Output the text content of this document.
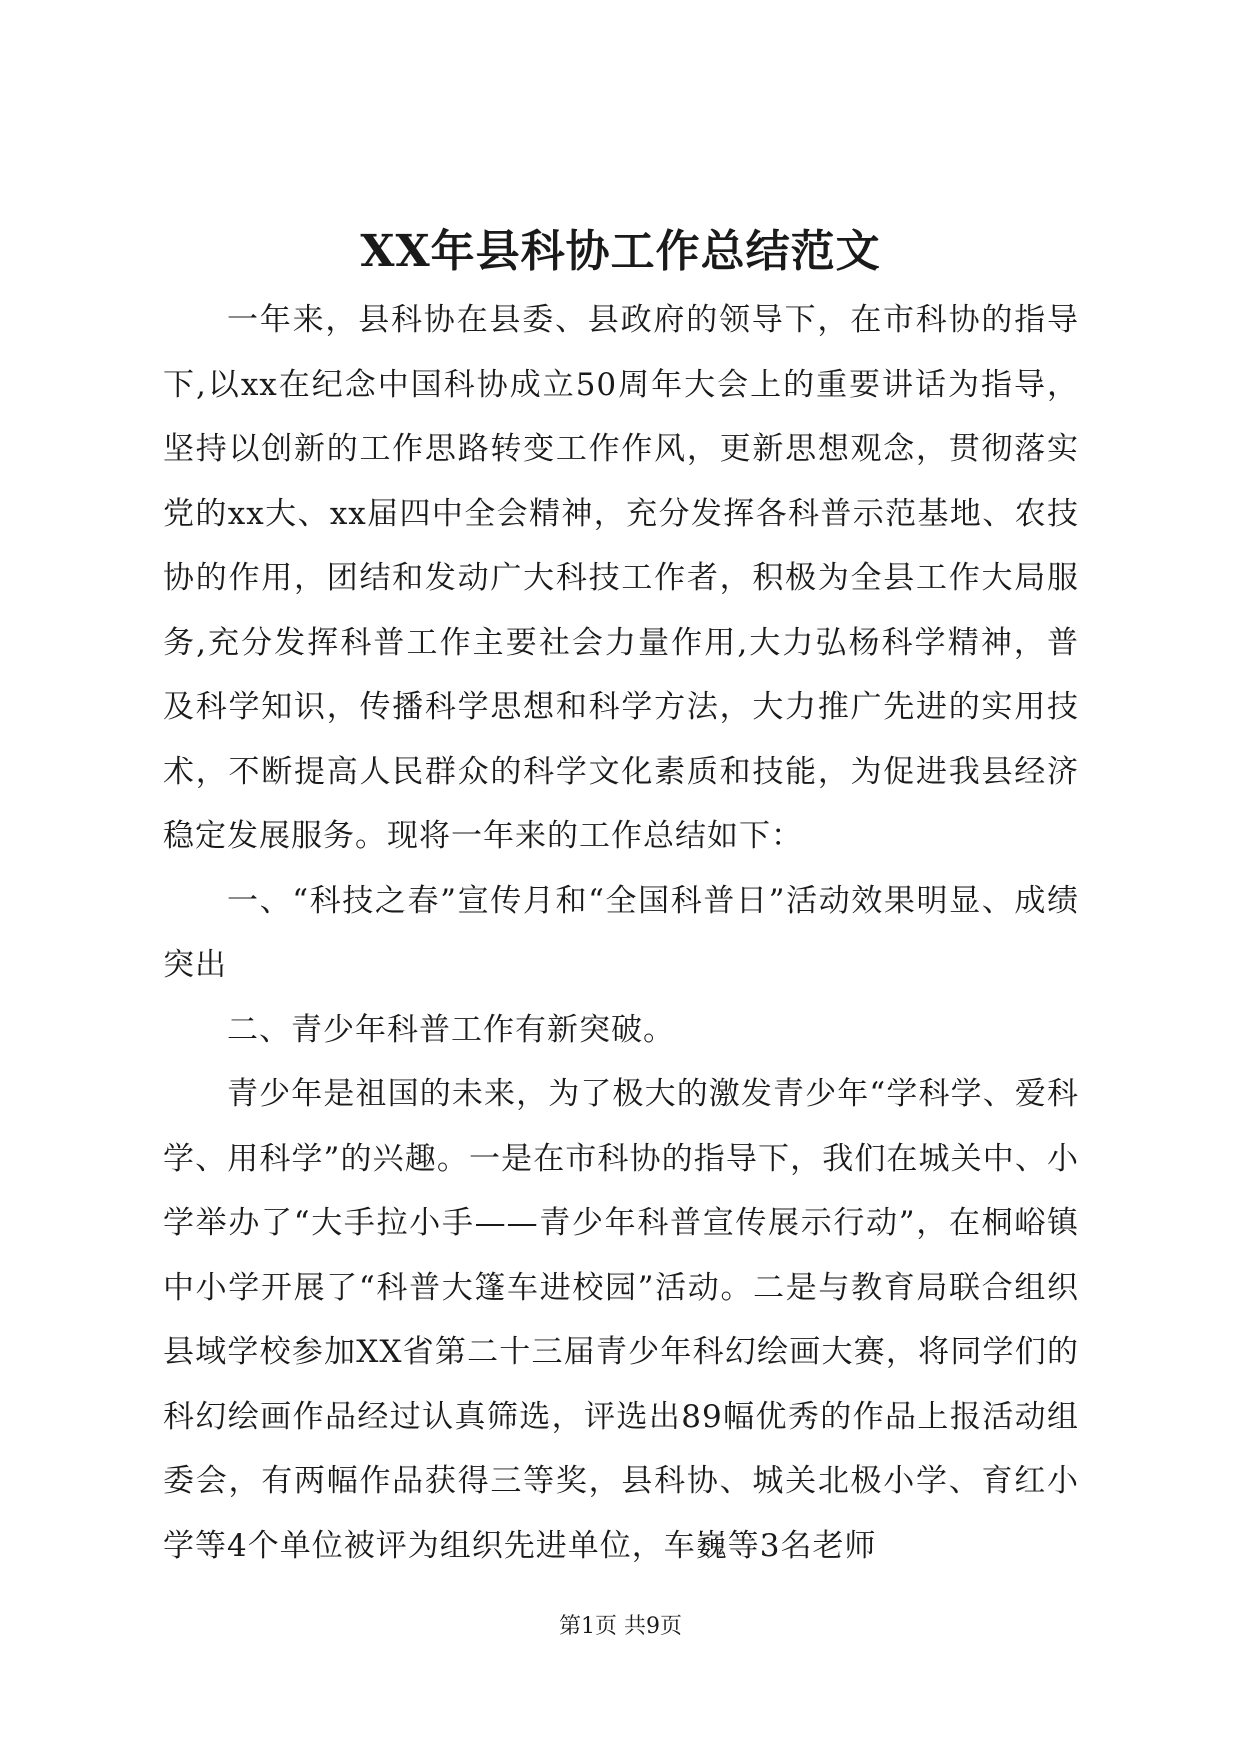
XX年县科协工作总结范文

一年来，县科协在县委、县政府的领导下，在市科协的指导下,以xx在纪念中国科协成立50周年大会上的重要讲话为指导，坚持以创新的工作思路转变工作作风，更新思想观念，贯彻落实党的xx大、xx届四中全会精神，充分发挥各科普示范基地、农技协的作用，团结和发动广大科技工作者，积极为全县工作大局服务,充分发挥科普工作主要社会力量作用,大力弘杨科学精神，普及科学知识，传播科学思想和科学方法，大力推广先进的实用技术，不断提高人民群众的科学文化素质和技能，为促进我县经济稳定发展服务。现将一年来的工作总结如下：

一、“科技之春”宣传月和“全国科普日”活动效果明显、成绩突出

二、青少年科普工作有新突破。

青少年是祖国的未来，为了极大的激发青少年“学科学、爱科学、用科学”的兴趣。一是在市科协的指导下，我们在城关中、小学举办了“大手拉小手——青少年科普宣传展示行动”，在桐峪镇中小学开展了“科普大篷车进校园”活动。二是与教育局联合组织县域学校参加XX省第二十三届青少年科幻绘画大赛，将同学们的科幻绘画作品经过认真筛选，评选出89幅优秀的作品上报活动组委会，有两幅作品获得三等奖，县科协、城关北极小学、育红小学等4个单位被评为组织先进单位，车巍等3名老师

第1页 共9页
